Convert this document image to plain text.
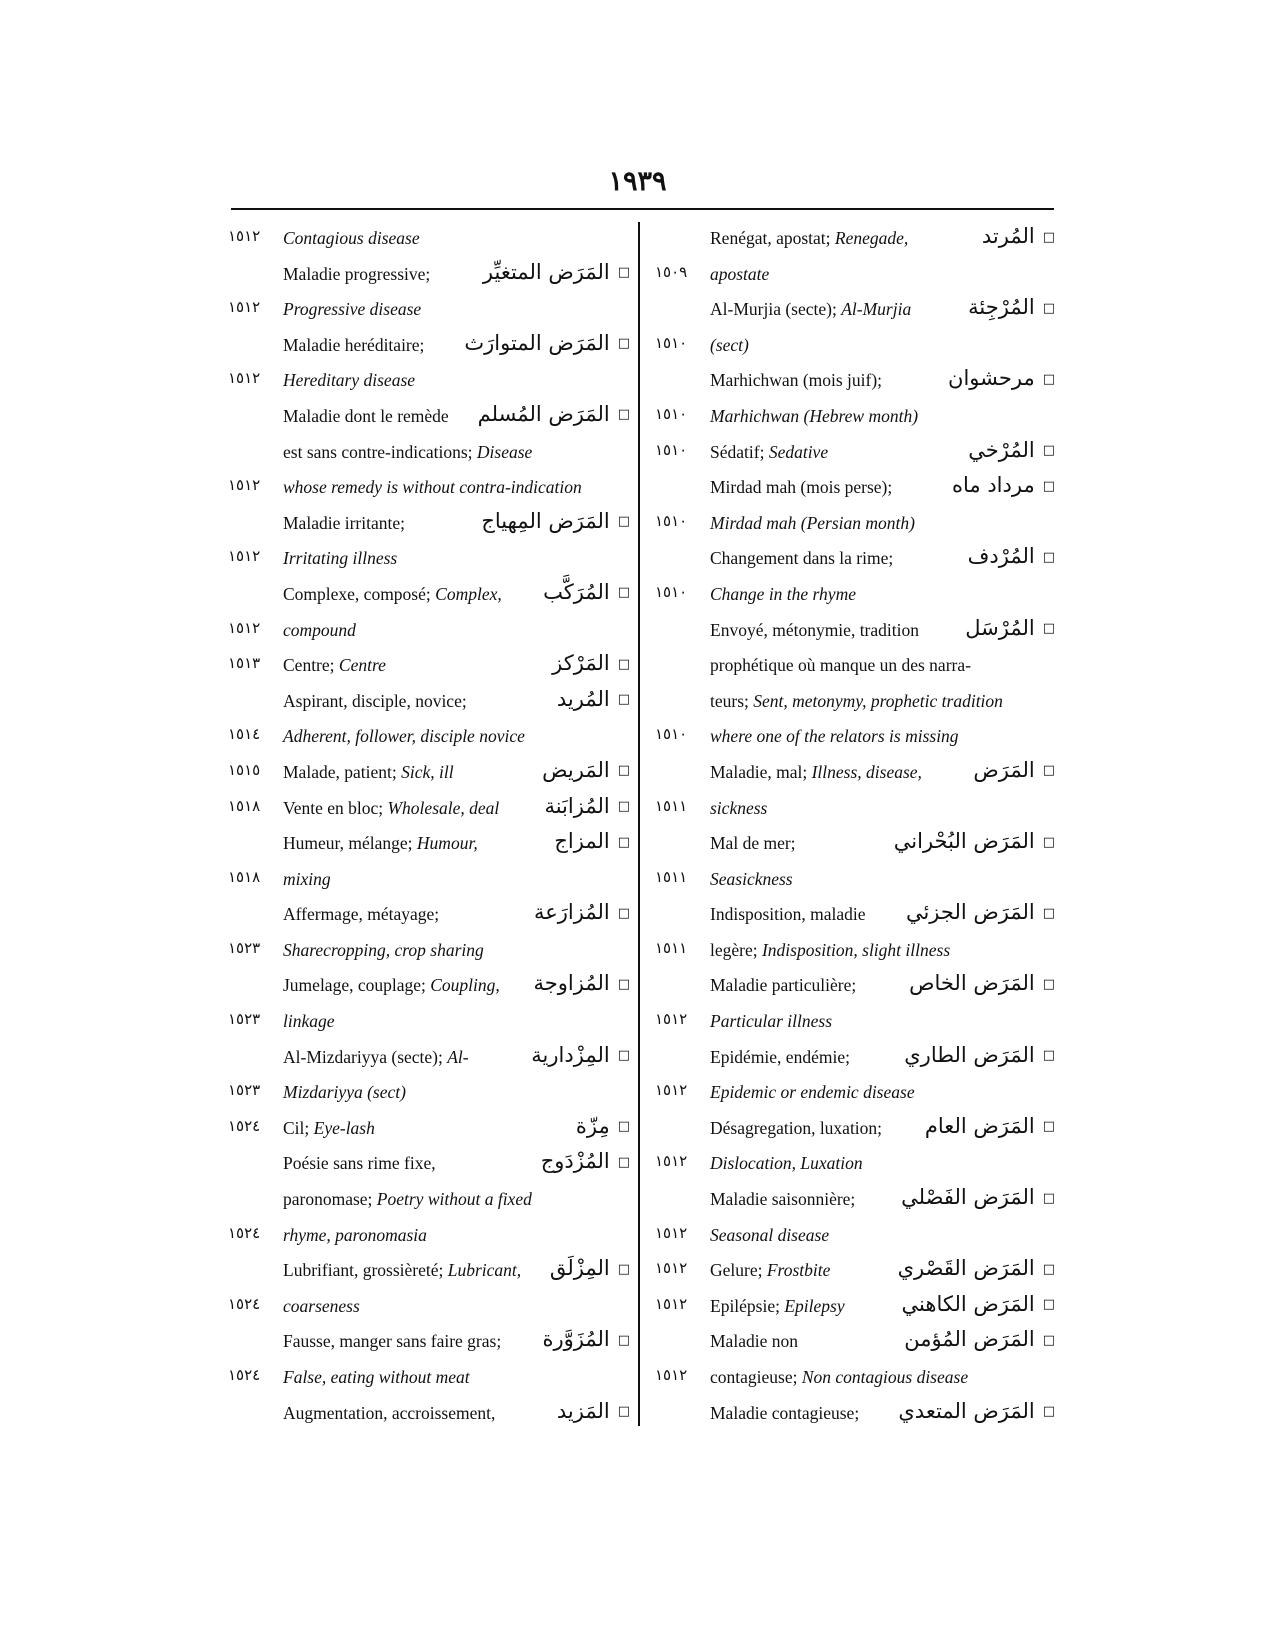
١٩٣٩
١٥١٢ Contagious disease
Maladie progressive;	□المَرَض المتغيِّر
١٥١٢ Progressive disease
Maladie heréditaire;	□المَرَض المتوارَث
١٥١٢ Hereditary disease
Maladie dont le remède	□المَرَض المُسلم
est sans contre-indications; Disease
١٥١٢ whose remedy is without contra-indication
Maladie irritante;	□المَرَض المِهياج
١٥١٢ Irritating illness
Complexe, composé; Complex,	□المُرَكَّب
١٥١٢ compound
١٥١٣ Centre; Centre	□المَرْكز
Aspirant, disciple, novice;	□المُريد
١٥١٤ Adherent, follower, disciple novice
١٥١٥ Malade, patient; Sick, ill	□المَريض
١٥١٨ Vente en bloc; Wholesale, deal	□المُزابَنة
Humeur, mélange; Humour,	□المزاج
١٥١٨ mixing
Affermage, métayage;	□المُزارَعة
١٥٢٣ Sharecropping, crop sharing
Jumelage, couplage; Coupling,	□المُزاوجة
١٥٢٣ linkage
Al-Mizdariyya (secte); Al-	□المِزْدارية
١٥٢٣ Mizdariyya (sect)
١٥٢٤ Cil; Eye-lash	□مِزّة
Poésie sans rime fixe,	□المُزْدَوج
paronomase; Poetry without a fixed
١٥٢٤ rhyme, paronomasia
Lubrifiant, grossièreté; Lubricant,	□المِزْلَق
١٥٢٤ coarseness
Fausse, manger sans faire gras;	□المُزَوَّرة
١٥٢٤ False, eating without meat
Augmentation, accroissement,	□المَزيد
Renégat, apostat; Renegade,	□المُرتد
١٥٠٩ apostate
Al-Murjia (secte); Al-Murjia	□المُرْجِئة
١٥١٠ (sect)
Marhichwan (mois juif);	□مرحشوان
١٥١٠ Marhichwan (Hebrew month)
١٥١٠ Sédatif; Sedative	□المُرْخي
Mirdad mah (mois perse);	□مرداد ماه
١٥١٠ Mirdad mah (Persian month)
Changement dans la rime;	□المُرْدف
١٥١٠ Change in the rhyme
Envoyé, métonymie, tradition	□المُرْسَل
prophétique où manque un des narra-
teurs; Sent, metonymy, prophetic tradition
١٥١٠ where one of the relators is missing
Maladie, mal; Illness, disease,	□المَرَض
١٥١١ sickness
Mal de mer;	□المَرَض البُحْراني
١٥١١ Seasickness
Indisposition, maladie	□المَرَض الجزئي
١٥١١ legère; Indisposition, slight illness
Maladie particulière;	□المَرَض الخاص
١٥١٢ Particular illness
Epidémie, endémie;	□المَرَض الطاري
١٥١٢ Epidemic or endemic disease
Désagregation, luxation;	□المَرَض العام
١٥١٢ Dislocation, Luxation
Maladie saisonnière;	□المَرَض الفَصْلي
١٥١٢ Seasonal disease
١٥١٢ Gelure; Frostbite	□المَرَض القَصْري
١٥١٢ Epilépsie; Epilepsy	□المَرَض الكاهني
Maladie non	□المَرَض المُؤمن
١٥١٢ contagieuse; Non contagious disease
Maladie contagieuse;	□المَرَض المتعدي
